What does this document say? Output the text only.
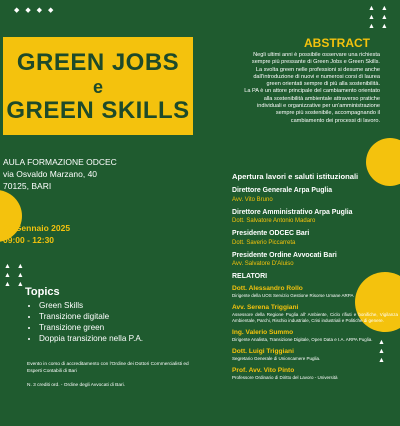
◆ ◆ ◆ ◆	▲ ▲
▲ ▲
▲ ▲
▲ ▲
▲ ▲
▲ ▲
▲
▲
▲
GREEN JOBS
e
GREEN SKILLS
ABSTRACT
Negli ultimi anni è possibile osservare una richiesta
sempre più pressante di Green Jobs e Green Skills.
La svolta green nelle professioni si desume anche
dall'introduzione di nuovi e numerosi corsi di laurea
green orientati sempre di più alla sostenibilità.
La PA è un attore principale del cambiamento orientato
alla sostenibilità ambientale attraverso pratiche
individuali e organizzative per un'amministrazione
sempre più sostenibile, accompagnando il
cambiamento dei processi di lavoro.
AULA FORMAZIONE ODCEC
via Osvaldo Marzano, 40
70125, BARI
22 Gennaio 2025
09:00 - 12:30
Topics
• Green Skills
• Transizione digitale
• Transizione green
• Doppia transizione nella P.A.
Evento in corso di accreditamento con l'Ordine dei Dottori Commercialisti ed Esperti Contabili di Bari
N. 3 crediti ord. - Ordine degli Avvocati di Bari.
Apertura lavori e saluti istituzionali
Direttore Generale Arpa Puglia
Avv. Vito Bruno
Direttore Amministrativo Arpa Puglia
Dott. Salvatore Antonio Madaro
Presidente ODCEC Bari
Dott. Saverio Piccarreta
Presidente Ordine Avvocati Bari
Avv. Salvatore D'Aluiso
RELATORI
Dott. Alessandro Rollo
Dirigente della UOS Servizio Gestione Risorse Umane ARPA
Avv. Serena Triggiani
Assessore della Regione Puglia all' Ambiente, Ciclo rifiuti e bonifiche, Vigilanza Ambientale, Parchi, Rischio industriale, Crisi industriali e Politiche di genere.
Ing. Valerio Summo
Dirigente Analista, Transizione Digitale, Open Data e I.A. ARPA Puglia.
Dott. Luigi Triggiani
Segretario Generale di Unioncamere Puglia.
Prof. Avv. Vito Pinto
Professore Ordinario di Diritto del Lavoro - Università
